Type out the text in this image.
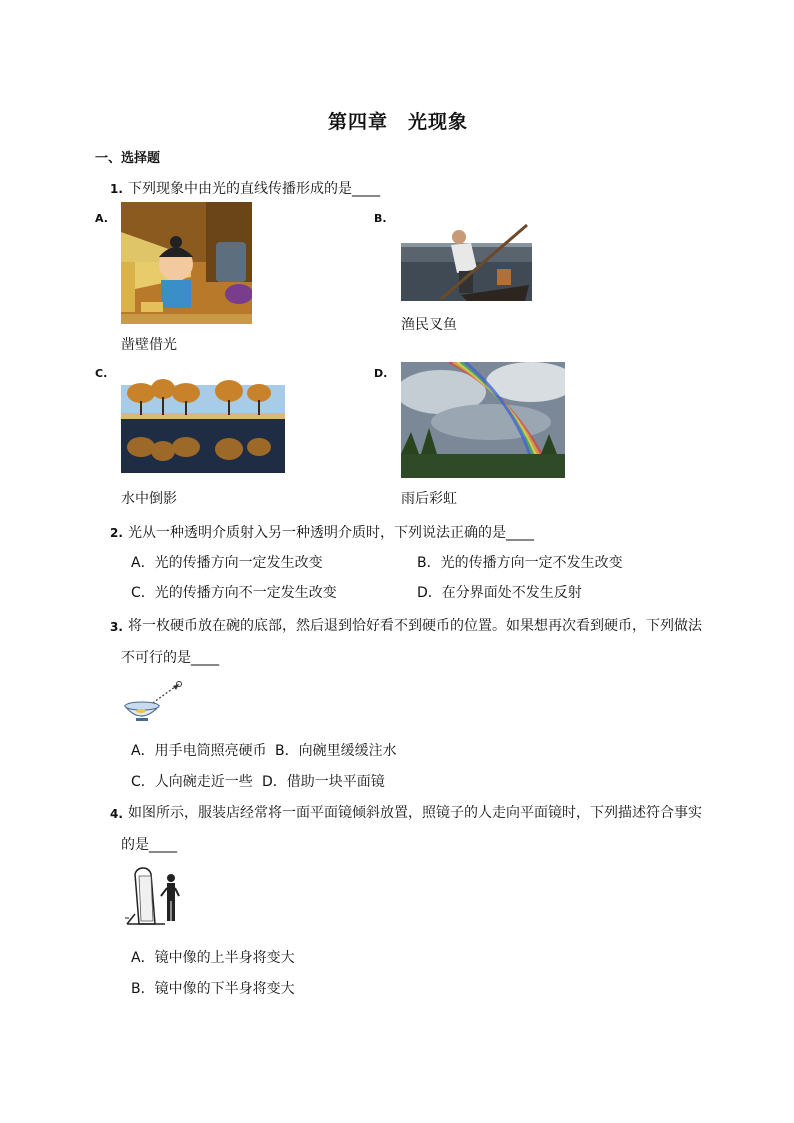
第四章　光现象
一、选择题
1. 下列现象中由光的直线传播形成的是____
A.
凿壁借光
B.
渔民叉鱼
C.
水中倒影
D.
雨后彩虹
2. 光从一种透明介质射入另一种透明介质时，下列说法正确的是____
A．光的传播方向一定发生改变	B．光的传播方向一定不发生改变
C．光的传播方向不一定发生改变	D．在分界面处不发生反射
3. 将一枚硬币放在碗的底部，然后退到恰好看不到硬币的位置。如果想再次看到硬币，下列做法
不可行的是____
A．用手电筒照亮硬币 B．向碗里缓缓注水
C．人向碗走近一些 D．借助一块平面镜
4. 如图所示，服装店经常将一面平面镜倾斜放置，照镜子的人走向平面镜时，下列描述符合事实
的是____
A．镜中像的上半身将变大
B．镜中像的下半身将变大
